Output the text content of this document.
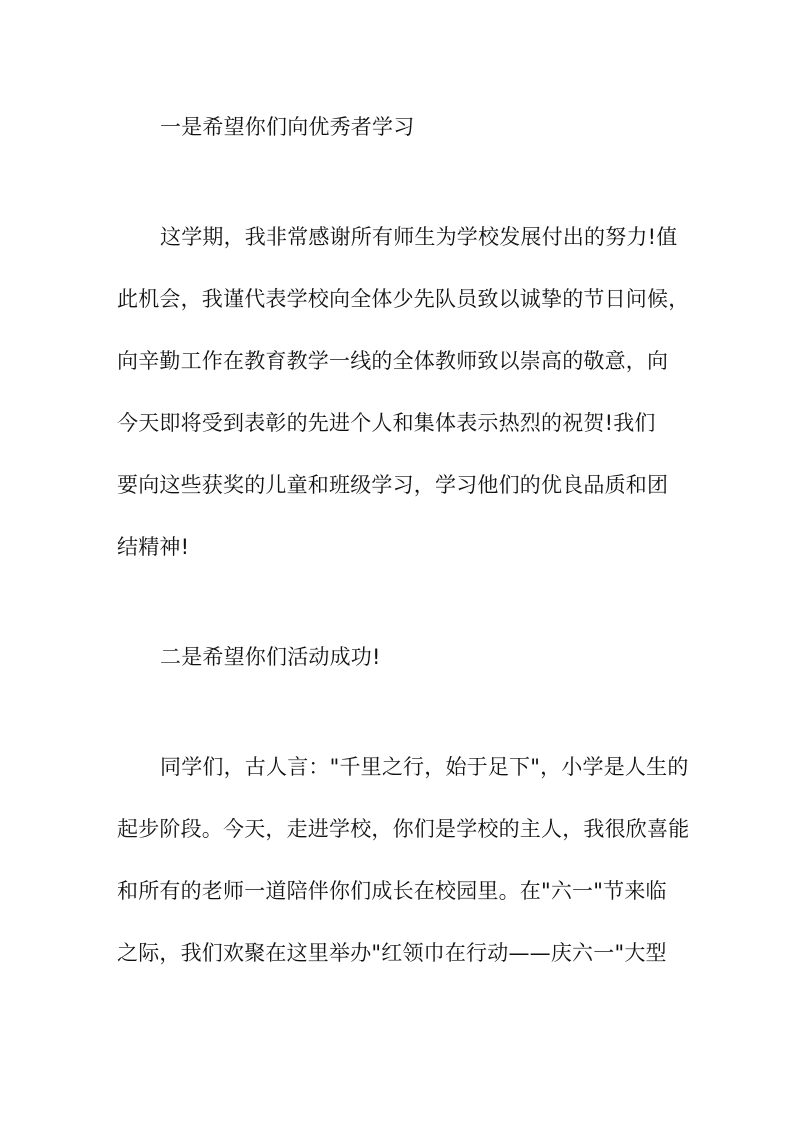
一是希望你们向优秀者学习
这学期，我非常感谢所有师生为学校发展付出的努力!值
此机会，我谨代表学校向全体少先队员致以诚挚的节日问候，
向辛勤工作在教育教学一线的全体教师致以崇高的敬意，向
今天即将受到表彰的先进个人和集体表示热烈的祝贺!我们
要向这些获奖的儿童和班级学习，学习他们的优良品质和团
结精神!
二是希望你们活动成功!
同学们，古人言："千里之行，始于足下"，小学是人生的
起步阶段。今天，走进学校，你们是学校的主人，我很欣喜能
和所有的老师一道陪伴你们成长在校园里。在"六一"节来临
之际，我们欢聚在这里举办"红领巾在行动——庆六一"大型
